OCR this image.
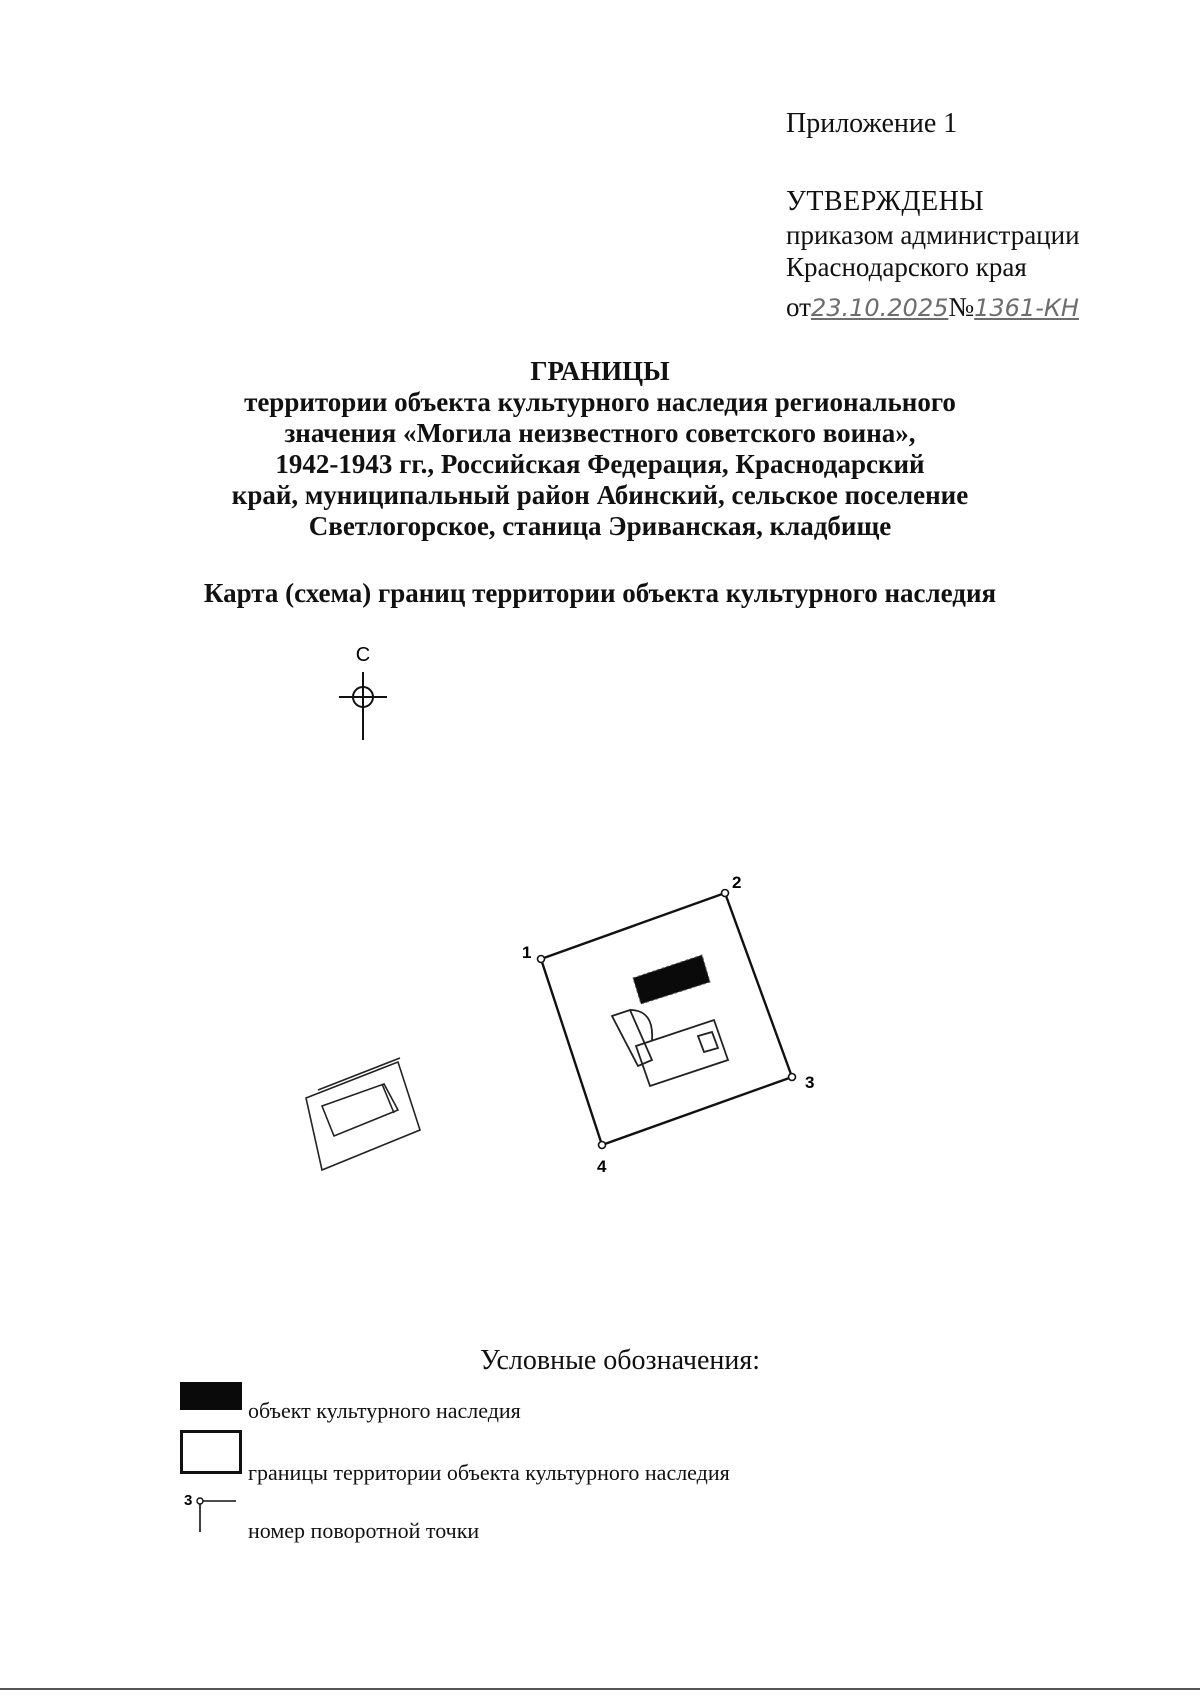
Приложение 1
УТВЕРЖДЕНЫ
приказом администрации
Краснодарского края
от23.10.2025№1361-КН
ГРАНИЦЫ
территории объекта культурного наследия регионального
значения «Могила неизвестного советского воина»,
1942-1943 гг., Российская Федерация, Краснодарский
край, муниципальный район Абинский, сельское поселение
Светлогорское, станица Эриванская, кладбище
Карта (схема) границ территории объекта культурного наследия
С
1
2
3
4
3
Условные обозначения:
объект культурного наследия
границы территории объекта культурного наследия
номер поворотной точки
